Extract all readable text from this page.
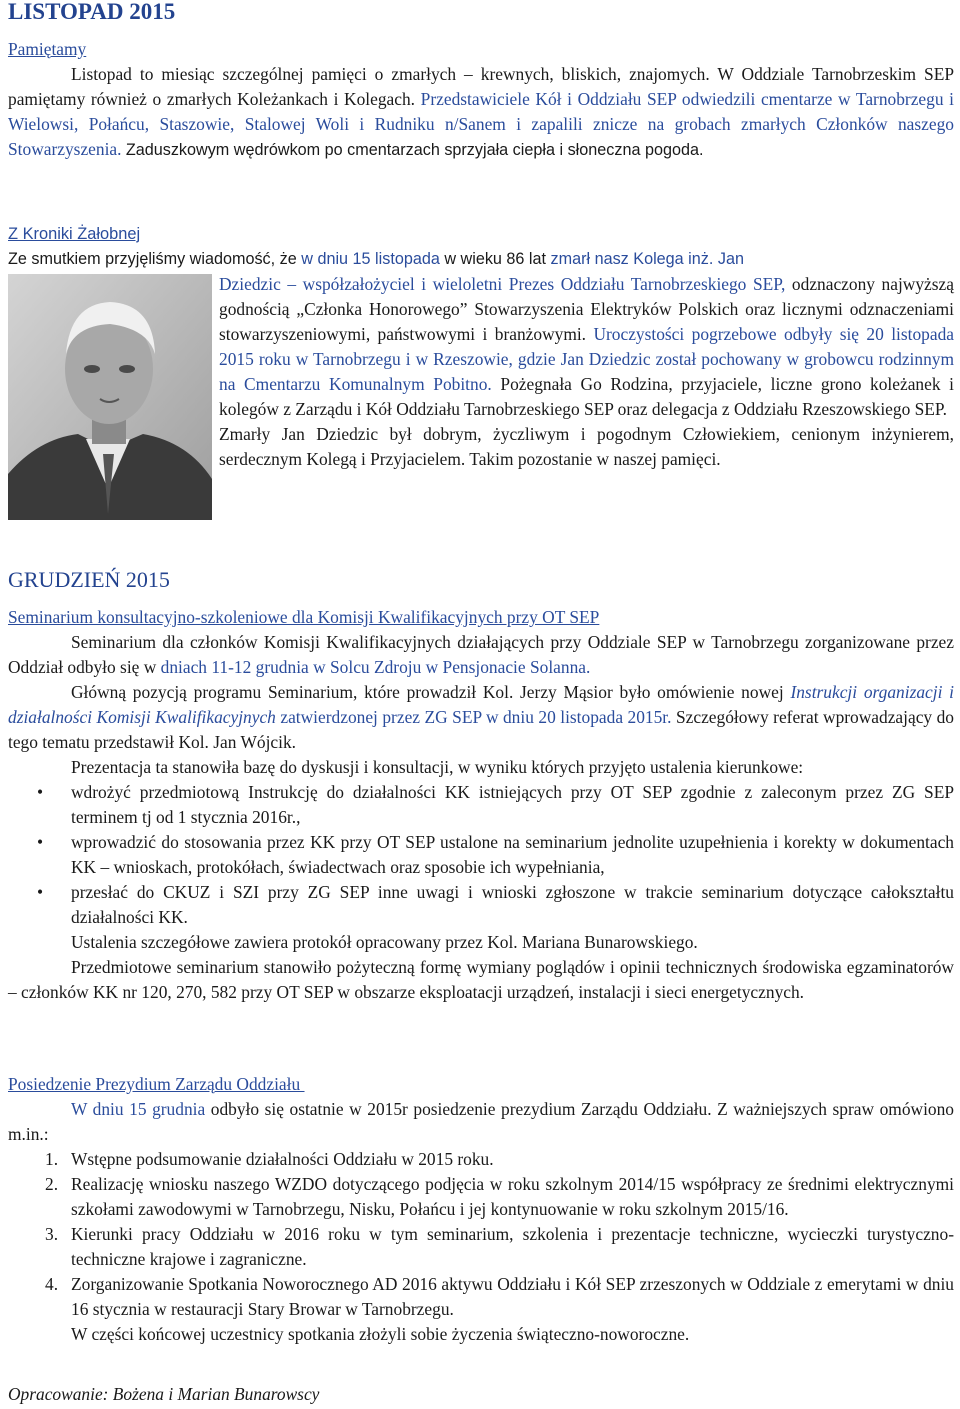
LISTOPAD 2015

Pamiętamy

Listopad to miesiąc szczególnej pamięci o zmarłych – krewnych, bliskich, znajomych. W Oddziale Tarnobrzeskim SEP pamiętamy również o zmarłych Koleżankach i Kolegach. Przedstawiciele Kół i Oddziału SEP odwiedzili cmentarze w Tarnobrzegu i Wielowsi, Połańcu, Staszowie, Stalowej Woli i Rudniku n/Sanem i zapalili znicze na grobach zmarłych Członków naszego Stowarzyszenia. Zaduszkowym wędrówkom po cmentarzach sprzyjała ciepła i słoneczna pogoda.

Z Kroniki Żałobnej

Ze smutkiem przyjęliśmy wiadomość, że w dniu 15 listopada w wieku 86 lat zmarł nasz Kolega inż. Jan

Dziedzic – współzałożyciel i wieloletni Prezes Oddziału Tarnobrzeskiego SEP, odznaczony najwyższą godnością „Członka Honorowego” Stowarzyszenia Elektryków Polskich oraz licznymi odznaczeniami stowarzyszeniowymi, państwowymi i branżowymi. Uroczystości pogrzebowe odbyły się 20 listopada 2015 roku w Tarnobrzegu i w Rzeszowie, gdzie Jan Dziedzic został pochowany w grobowcu rodzinnym na Cmentarzu Komunalnym Pobitno. Pożegnała Go Rodzina, przyjaciele, liczne grono koleżanek i kolegów z Zarządu i Kół Oddziału Tarnobrzeskiego SEP oraz delegacja z Oddziału Rzeszowskiego SEP.

Zmarły Jan Dziedzic był dobrym, życzliwym i pogodnym Człowiekiem, cenionym inżynierem, serdecznym Kolegą i Przyjacielem. Takim pozostanie w naszej pamięci.

GRUDZIEŃ 2015

Seminarium konsultacyjno-szkoleniowe dla Komisji Kwalifikacyjnych przy OT SEP

Seminarium dla członków Komisji Kwalifikacyjnych działających przy Oddziale SEP w Tarnobrzegu zorganizowane przez Oddział odbyło się w dniach 11-12 grudnia w Solcu Zdroju w Pensjonacie Solanna.

Główną pozycją programu Seminarium, które prowadził Kol. Jerzy Mąsior było omówienie nowej Instrukcji organizacji i działalności Komisji Kwalifikacyjnych zatwierdzonej przez ZG SEP w dniu 20 listopada 2015r. Szczegółowy referat wprowadzający do tego tematu przedstawił Kol. Jan Wójcik.

Prezentacja ta stanowiła bazę do dyskusji i konsultacji, w wyniku których przyjęto ustalenia kierunkowe:

• wdrożyć przedmiotową Instrukcję do działalności KK istniejących przy OT SEP zgodnie z zaleconym przez ZG SEP terminem tj od 1 stycznia 2016r.,
• wprowadzić do stosowania przez KK przy OT SEP ustalone na seminarium jednolite uzupełnienia i korekty w dokumentach KK – wnioskach, protokółach, świadectwach oraz sposobie ich wypełniania,
• przesłać do CKUZ i SZI przy ZG SEP inne uwagi i wnioski zgłoszone w trakcie seminarium dotyczące całokształtu działalności KK.

Ustalenia szczegółowe zawiera protokół opracowany przez Kol. Mariana Bunarowskiego.

Przedmiotowe seminarium stanowiło pożyteczną formę wymiany poglądów i opinii technicznych środowiska egzaminatorów – członków KK nr 120, 270, 582 przy OT SEP w obszarze eksploatacji urządzeń, instalacji i sieci energetycznych.

Posiedzenie Prezydium Zarządu Oddziału

W dniu 15 grudnia odbyło się ostatnie w 2015r posiedzenie prezydium Zarządu Oddziału. Z ważniejszych spraw omówiono m.in.:

1. Wstępne podsumowanie działalności Oddziału w 2015 roku.
2. Realizację wniosku naszego WZDO dotyczącego podjęcia w roku szkolnym 2014/15 współpracy ze średnimi elektrycznymi szkołami zawodowymi w Tarnobrzegu, Nisku, Połańcu i jej kontynuowanie w roku szkolnym 2015/16.
3. Kierunki pracy Oddziału w 2016 roku w tym seminarium, szkolenia i prezentacje techniczne, wycieczki turystyczno-techniczne krajowe i zagraniczne.
4. Zorganizowanie Spotkania Noworocznego AD 2016 aktywu Oddziału i Kół SEP zrzeszonych w Oddziale z emerytami w dniu 16 stycznia w restauracji Stary Browar w Tarnobrzegu.

W części końcowej uczestnicy spotkania złożyli sobie życzenia świąteczno-noworoczne.

Opracowanie: Bożena i Marian Bunarowscy
